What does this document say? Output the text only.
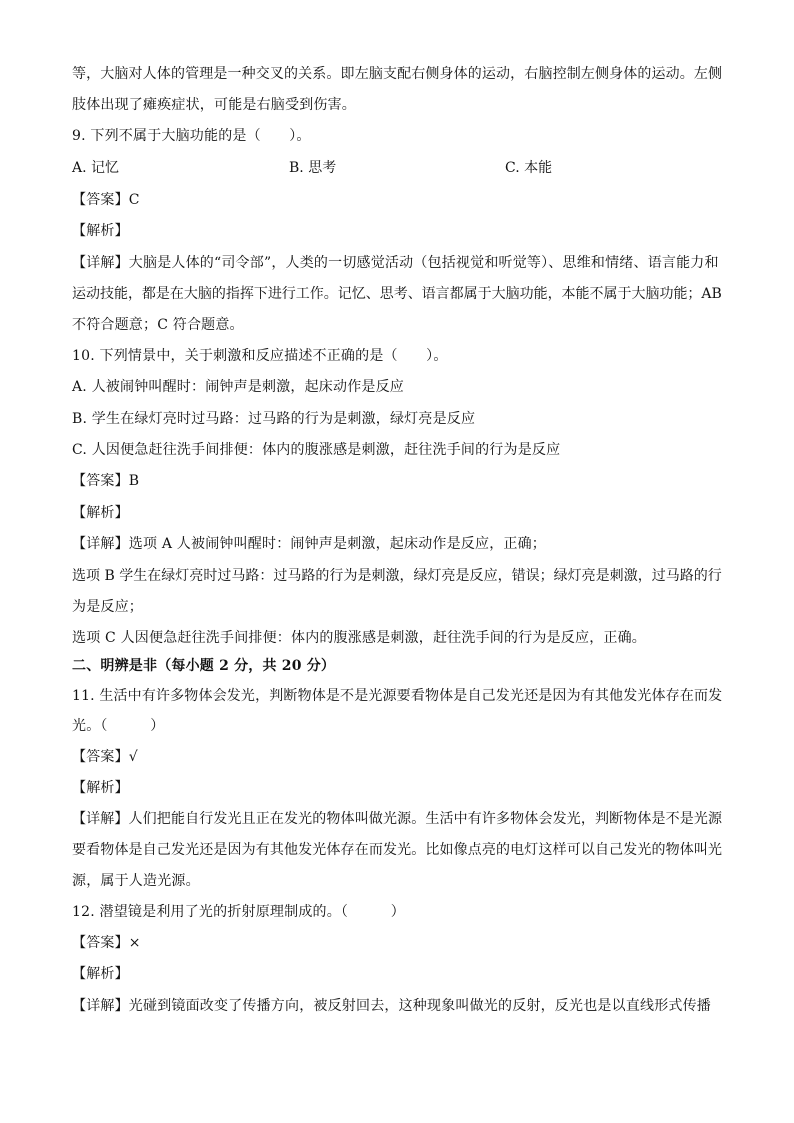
等，大脑对人体的管理是一种交叉的关系。即左脑支配右侧身体的运动，右脑控制左侧身体的运动。左侧
肢体出现了瘫痪症状，可能是右脑受到伤害。
9. 下列不属于大脑功能的是（　　）。
A. 记忆	B. 思考	C. 本能
【答案】C
【解析】
【详解】大脑是人体的“司令部”，人类的一切感觉活动（包括视觉和听觉等）、思维和情绪、语言能力和
运动技能，都是在大脑的指挥下进行工作。记忆、思考、语言都属于大脑功能，本能不属于大脑功能；AB
不符合题意；C 符合题意。
10. 下列情景中，关于刺激和反应描述不正确的是（　　）。
A. 人被闹钟叫醒时：闹钟声是刺激，起床动作是反应
B. 学生在绿灯亮时过马路：过马路的行为是刺激，绿灯亮是反应
C. 人因便急赶往洗手间排便：体内的腹涨感是刺激，赶往洗手间的行为是反应
【答案】B
【解析】
【详解】选项 A 人被闹钟叫醒时：闹钟声是刺激，起床动作是反应，正确；
选项 B 学生在绿灯亮时过马路：过马路的行为是刺激，绿灯亮是反应，错误；绿灯亮是刺激，过马路的行
为是反应；
选项 C 人因便急赶往洗手间排便：体内的腹涨感是刺激，赶往洗手间的行为是反应，正确。
二、明辨是非（每小题 2 分，共 20 分）
11. 生活中有许多物体会发光，判断物体是不是光源要看物体是自己发光还是因为有其他发光体存在而发
光。（　　　）
【答案】√
【解析】
【详解】人们把能自行发光且正在发光的物体叫做光源。生活中有许多物体会发光，判断物体是不是光源
要看物体是自己发光还是因为有其他发光体存在而发光。比如像点亮的电灯这样可以自己发光的物体叫光
源，属于人造光源。
12. 潜望镜是利用了光的折射原理制成的。（　　　）
【答案】×
【解析】
【详解】光碰到镜面改变了传播方向，被反射回去，这种现象叫做光的反射，反光也是以直线形式传播
